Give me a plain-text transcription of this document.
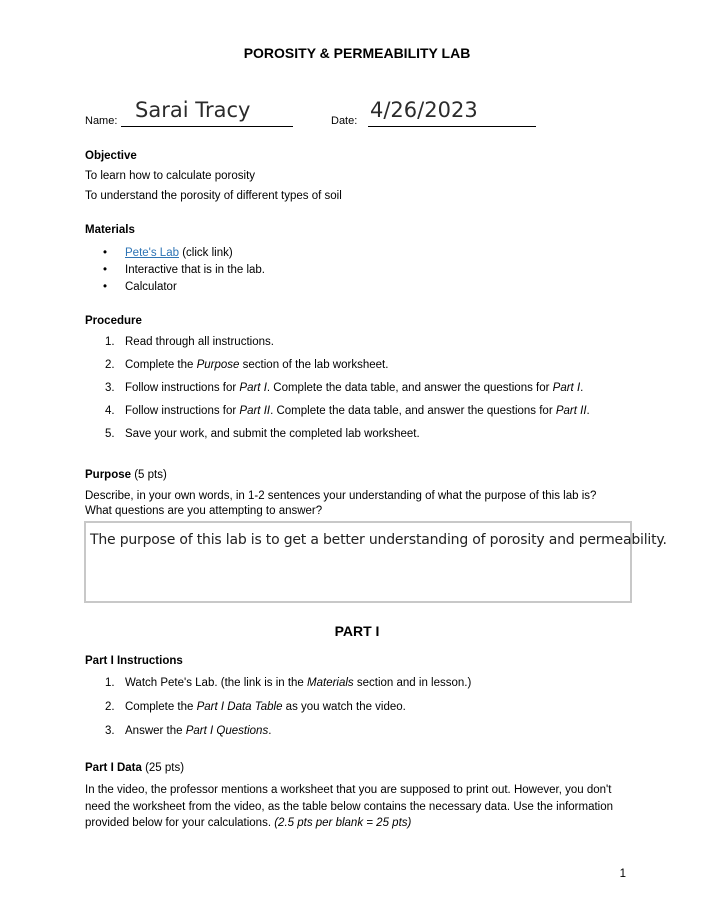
POROSITY & PERMEABILITY LAB
Name: Sarai Tracy	Date: 4/26/2023
Objective

To learn how to calculate porosity

To understand the porosity of different types of soil

Materials
• Pete's Lab (click link)
• Interactive that is in the lab.
• Calculator
Procedure
1. Read through all instructions.
2. Complete the Purpose section of the lab worksheet.
3. Follow instructions for Part I. Complete the data table, and answer the questions for Part I.
4. Follow instructions for Part II. Complete the data table, and answer the questions for Part II.
5. Save your work, and submit the completed lab worksheet.

Purpose (5 pts)

Describe, in your own words, in 1-2 sentences your understanding of what the purpose of this lab is? What questions are you attempting to answer?

The purpose of this lab is to get a better understanding of porosity and permeability.
PART I
Part I Instructions
1. Watch Pete's Lab. (the link is in the Materials section and in lesson.)
2. Complete the Part I Data Table as you watch the video.
3. Answer the Part I Questions.

Part I Data (25 pts)

In the video, the professor mentions a worksheet that you are supposed to print out. However, you don't need the worksheet from the video, as the table below contains the necessary data. Use the information provided below for your calculations. (2.5 pts per blank = 25 pts)

1
